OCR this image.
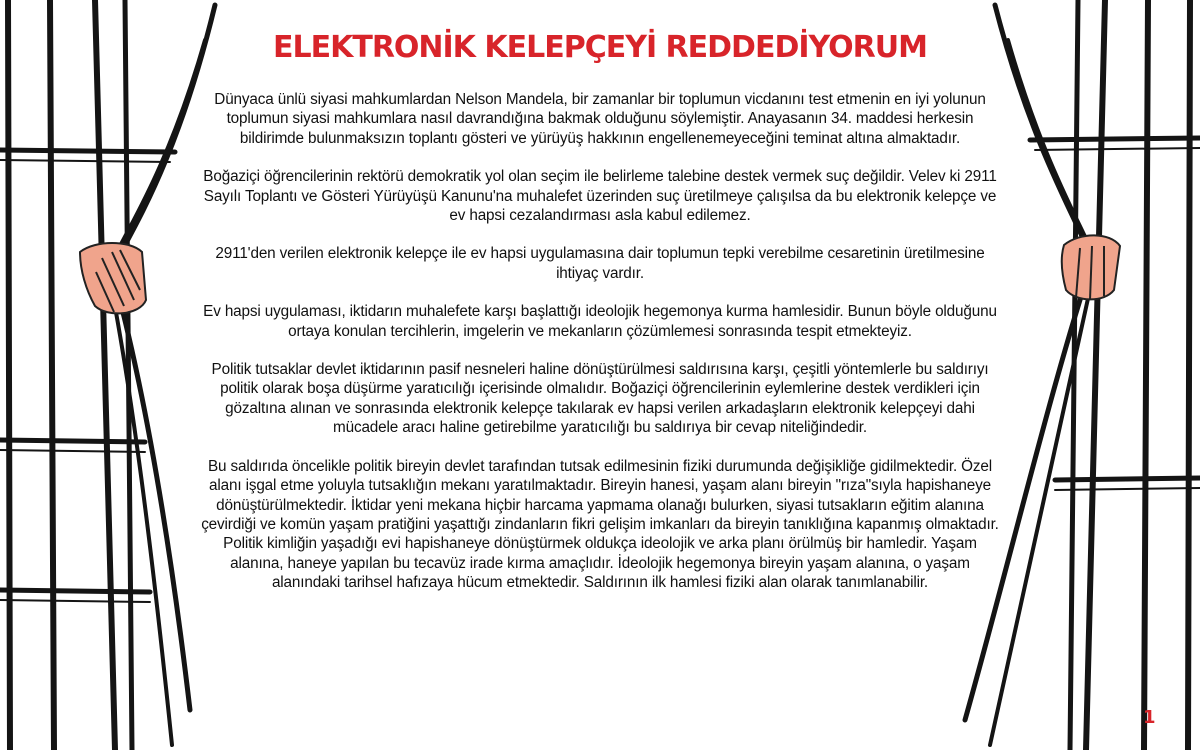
ELEKTRONİK KELEPÇEYİ REDDEDİYORUM

Dünyaca ünlü siyasi mahkumlardan Nelson Mandela, bir zamanlar bir toplumun vicdanını test etmenin en iyi yolunun toplumun siyasi mahkumlara nasıl davrandığına bakmak olduğunu söylemiştir. Anayasanın 34. maddesi herkesin bildirimde bulunmaksızın toplantı gösteri ve yürüyüş hakkının engellenemeyeceğini teminat altına almaktadır.

Boğaziçi öğrencilerinin rektörü demokratik yol olan seçim ile belirleme talebine destek vermek suç değildir. Velev ki 2911 Sayılı Toplantı ve Gösteri Yürüyüşü Kanunu'na muhalefet üzerinden suç üretilmeye çalışılsa da bu elektronik kelepçe ve ev hapsi cezalandırması asla kabul edilemez.

2911'den verilen elektronik kelepçe ile ev hapsi uygulamasına dair toplumun tepki verebilme cesaretinin üretilmesine ihtiyaç vardır.

Ev hapsi uygulaması, iktidarın muhalefete karşı başlattığı ideolojik hegemonya kurma hamlesidir. Bunun böyle olduğunu ortaya konulan tercihlerin, imgelerin ve mekanların çözümlemesi sonrasında tespit etmekteyiz.

Politik tutsaklar devlet iktidarının pasif nesneleri haline dönüştürülmesi saldırısına karşı, çeşitli yöntemlerle bu saldırıyı politik olarak boşa düşürme yaratıcılığı içerisinde olmalıdır. Boğaziçi öğrencilerinin eylemlerine destek verdikleri için gözaltına alınan ve sonrasında elektronik kelepçe takılarak ev hapsi verilen arkadaşların elektronik kelepçeyi dahi mücadele aracı haline getirebilme yaratıcılığı bu saldırıya bir cevap niteliğindedir.

Bu saldırıda öncelikle politik bireyin devlet tarafından tutsak edilmesinin fiziki durumunda değişikliğe gidilmektedir. Özel alanı işgal etme yoluyla tutsaklığın mekanı yaratılmaktadır. Bireyin hanesi, yaşam alanı bireyin "rıza"sıyla hapishaneye dönüştürülmektedir. İktidar yeni mekana hiçbir harcama yapmama olanağı bulurken, siyasi tutsakların eğitim alanına çevirdiği ve komün yaşam pratiğini yaşattığı zindanların fikri gelişim imkanları da bireyin tanıklığına kapanmış olmaktadır. Politik kimliğin yaşadığı evi hapishaneye dönüştürmek oldukça ideolojik ve arka planı örülmüş bir hamledir. Yaşam alanına, haneye yapılan bu tecavüz irade kırma amaçlıdır. İdeolojik hegemonya bireyin yaşam alanına, o yaşam alanındaki tarihsel hafızaya hücum etmektedir. Saldırının ilk hamlesi fiziki alan olarak tanımlanabilir.

1
